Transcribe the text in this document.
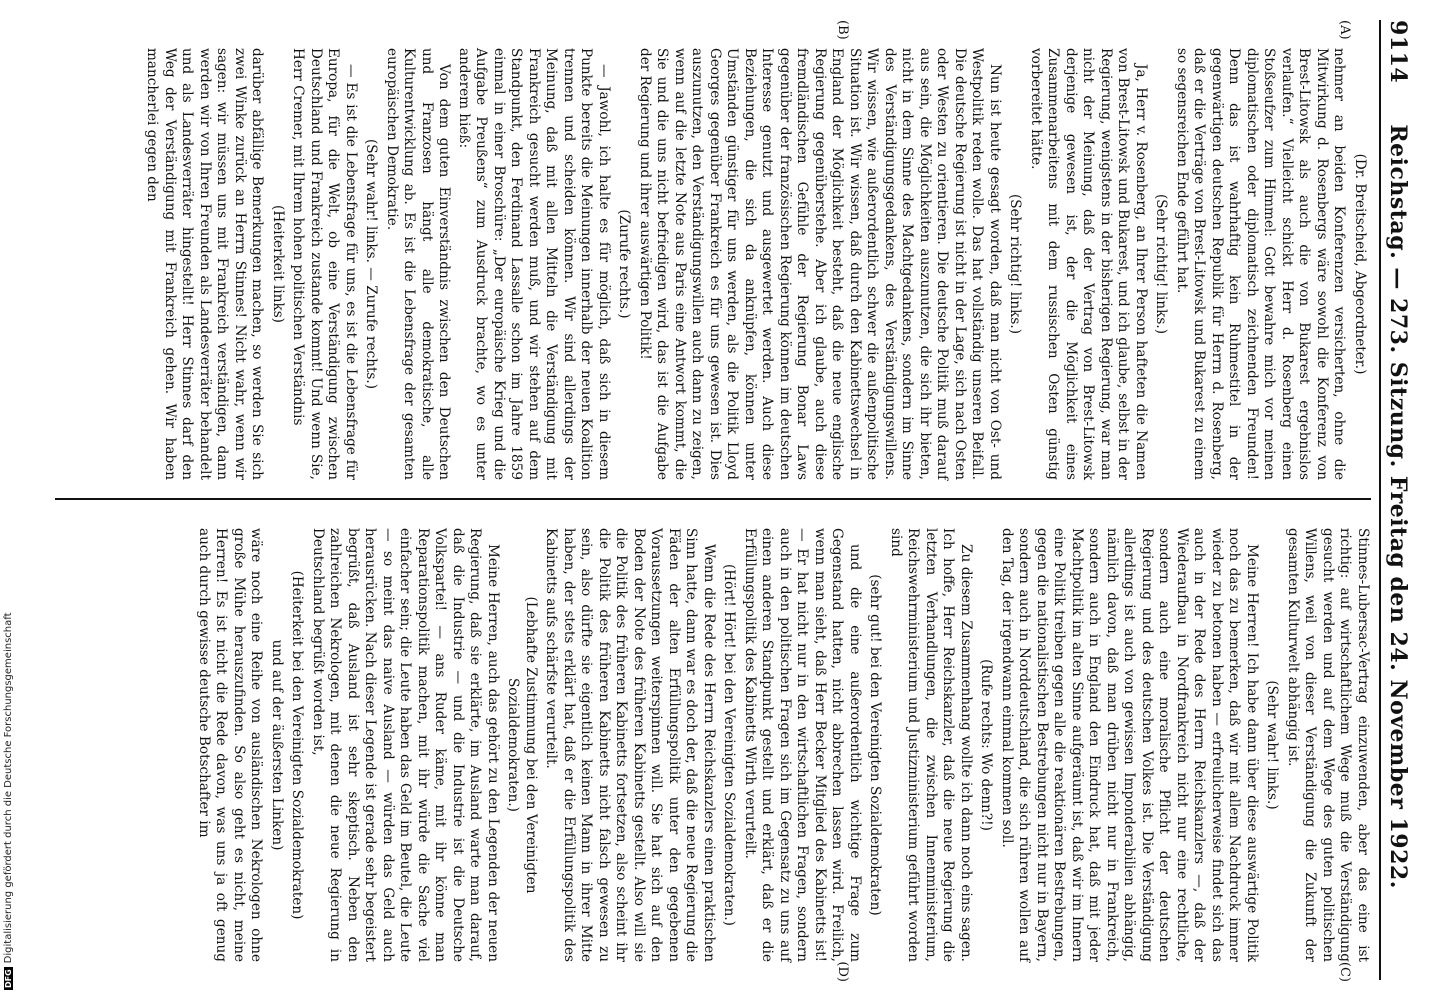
9114
Reichstag. — 273. Sitzung. Freitag den 24. November 1922.
(A)
(B)

(Dr. Breitscheid, Abgeordneter.)

nehmer an beiden Konferenzen versicherten, ohne die Mitwirkung d. Rosenbergs wäre sowohl die Konferenz von Brest-Litowsk als auch die von Bukarest ergebnislos verlaufen.“ Vielleicht schickt Herr d. Rosenberg einen Stoßseufzer zum Himmel: Gott bewahre mich vor meinen diplomatischen oder diplomatisch zeichnenden Freunden! Denn das ist wahrhaftig kein Ruhmestitel in der gegenwärtigen deutschen Republik für Herrn d. Rosenberg, daß er die Verträge von Brest-Litowsk und Bukarest zu einem so segensreichen Ende geführt hat.

(Sehr richtig! links.)

Ja, Herr v. Rosenberg, an Ihrer Person hafteten die Namen von Brest-Litowsk und Bukarest, und ich glaube, selbst in der Regierung, wenigstens in der bisherigen Regierung, war man nicht der Meinung, daß der Vertrag von Brest-Litowsk derjenige gewesen ist, der die Möglichkeit eines Zusammenarbeitens mit dem russischen Osten günstig vorbereitet hätte.

(Sehr richtig! links.)

Nun ist heute gesagt worden, daß man nicht von Ost- und Westpolitik reden wolle. Das hat vollständig unseren Beifall. Die deutsche Regierung ist nicht in der Lage, sich nach Osten oder Westen zu orientieren. Die deutsche Politik muß darauf aus sein, die Möglichkeiten auszunutzen, die sich ihr bieten, nicht in dem Sinne des Machtgedankens, sondern im Sinne des Verständigungsgedankens, des Verständigungswillens. Wir wissen, wie außerordentlich schwer die außenpolitische Situation ist. Wir wissen, daß durch den Kabinettswechsel in England der Möglichkeit besteht, daß die neue englische Regierung gegenüberstehe. Aber ich glaube, auch diese fremdländischen Gefühle der Regierung Bonar Laws gegenüber der französischen Regierung können im deutschen Interesse genutzt und ausgewertet werden. Auch diese Beziehungen, die sich da anknüpfen, können unter Umständen günstiger für uns werden, als die Politik Lloyd Georges gegenüber Frankreich es für uns gewesen ist. Dies auszunutzen, den Verständigungswillen auch dann zu zeigen, wenn auf die letzte Note aus Paris eine Antwort kommt, die Sie und die uns nicht befriedigen wird, das ist die Aufgabe der Regierung und ihrer auswärtigen Politik!

(Zurufe rechts.)

— Jawohl, ich halte es für möglich, daß sich in diesem Punkte bereits die Meinungen innerhalb der neuen Koalition trennen und scheiden können. Wir sind allerdings der Meinung, daß mit allen Mitteln die Verständigung mit Frankreich gesucht werden muß, und wir stehen auf dem Standpunkt, den Ferdinand Lassalle schon im Jahre 1859 einmal in einer Broschüre: „Der europäische Krieg und die Aufgabe Preußens“ zum Ausdruck brachte, wo es unter anderem hieß:

Von dem guten Einverständnis zwischen den Deutschen und Franzosen hängt alle demokratische, alle Kulturentwicklung ab. Es ist die Lebensfrage der gesamten europäischen Demokratie.

(Sehr wahr! links. — Zurufe rechts.)

— Es ist die Lebensfrage für uns, es ist die Lebensfrage für Europa, für die Welt, ob eine Verständigung zwischen Deutschland und Frankreich zustande kommt! Und wenn Sie, Herr Cremer, mit Ihrem hohen politischen Verständnis

(Heiterkeit links)

darüber abfällige Bemerkungen machen, so werden Sie sich zwei Winke zurück an Herrn Stinnes! Nicht wahr, wenn wir sagen: wir müssen uns mit Frankreich verständigen, dann werden wir von Ihren Freunden als Landesverräter behandelt und als Landesverräter hingestellt! Herr Stinnes darf den Weg der Verständigung mit Frankreich gehen. Wir haben mancherlei gegen den

(C)
(D)

Stinnes-Lubersac-Vertrag einzuwenden, aber das eine ist richtig: auf wirtschaftlichem Wege muß die Verständigung gesucht werden und auf dem Wege des guten politischen Willens, weil von dieser Verständigung die Zukunft der gesamten Kulturwelt abhängig ist.

(Sehr wahr! links.)

Meine Herren! Ich habe dann über diese auswärtige Politik noch das zu bemerken, daß wir mit allem Nachdruck immer wieder zu betonen haben — erfreulicherweise findet sich das auch in der Rede des Herrn Reichskanzlers —, daß der Wiederaufbau in Nordfrankreich nicht nur eine rechtliche, sondern auch eine moralische Pflicht der deutschen Regierung und des deutschen Volkes ist. Die Verständigung allerdings ist auch von gewissen Imponderabilien abhängig, nämlich davon, daß man drüben nicht nur in Frankreich, sondern auch in England den Eindruck hat, daß mit jeder Machtpolitik im alten Sinne aufgeräumt ist, daß wir im Innern eine Politik treiben gegen alle die reaktionären Bestrebungen, gegen die nationalistischen Bestrebungen nicht nur in Bayern, sondern auch in Norddeutschland, die sich rühren wollen auf den Tag, der irgendwann einmal kommen soll.

(Rufe rechts: Wo denn?!)

Zu diesem Zusammenhang wollte ich dann noch eins sagen. Ich hoffe, Herr Reichskanzler, daß die neue Regierung die letzten Verhandlungen, die zwischen Innenministerium, Reichswehrministerium und Justizministerium geführt worden sind

(sehr gut! bei den Vereinigten Sozialdemokraten)

und die eine außerordentlich wichtige Frage zum Gegenstand hatten, nicht abbrechen lassen wird. Freilich, wenn man sieht, daß Herr Becker Mitglied des Kabinetts ist! — Er hat nicht nur in den wirtschaftlichen Fragen, sondern auch in den politischen Fragen sich im Gegensatz zu uns auf einen anderen Standpunkt gestellt und erklärt, daß er die Erfüllungspolitik des Kabinetts Wirth verurteilt.

(Hört! Hört! bei den Vereinigten Sozialdemokraten.)

Wenn die Rede des Herrn Reichskanzlers einen praktischen Sinn hatte, dann war es doch der, daß die neue Regierung die Fäden der alten Erfüllungspolitik unter den gegebenen Voraussetzungen weiterspinnen will. Sie hat sich auf den Boden der Note des früheren Kabinetts gestellt. Also will sie die Politik des früheren Kabinetts fortsetzen, also scheint ihr die Politik des früheren Kabinetts nicht falsch gewesen zu sein, also dürfte sie eigentlich keinen Mann in ihrer Mitte haben, der stets erklärt hat, daß er die Erfüllungspolitik des Kabinetts aufs schärfste verurteilt.

(Lebhafte Zustimmung bei den Vereinigten Sozialdemokraten.)

Meine Herren, auch das gehört zu den Legenden der neuen Regierung, daß sie erklärte, im Ausland warte man darauf, daß die Industrie — und die Industrie ist die Deutsche Volkspartei! — ans Ruder käme, mit ihr könne man Reparationspolitik machen, mit ihr würde die Sache viel einfacher sein; die Leute haben das Geld im Beutel, die Leute — so meint das naive Ausland — würden das Geld auch herausrücken. Nach dieser Legende ist gerade sehr begeistert begrüßt, daß Ausland ist sehr skeptisch. Neben den zahlreichen Nekrologen, mit denen die neue Regierung in Deutschland begrüßt worden ist,

(Heiterkeit bei den Vereinigten Sozialdemokraten)

und auf der äußersten Linken)

wäre noch eine Reihe von ausländischen Nekrologen ohne große Mühe herauszufinden. So also geht es nicht, meine Herren! Es ist nicht die Rede davon, was uns ja oft genug auch durch gewisse deutsche Botschafter im

DFGDigitalisierung gefördert durch die Deutsche Forschungsgemeinschaft
